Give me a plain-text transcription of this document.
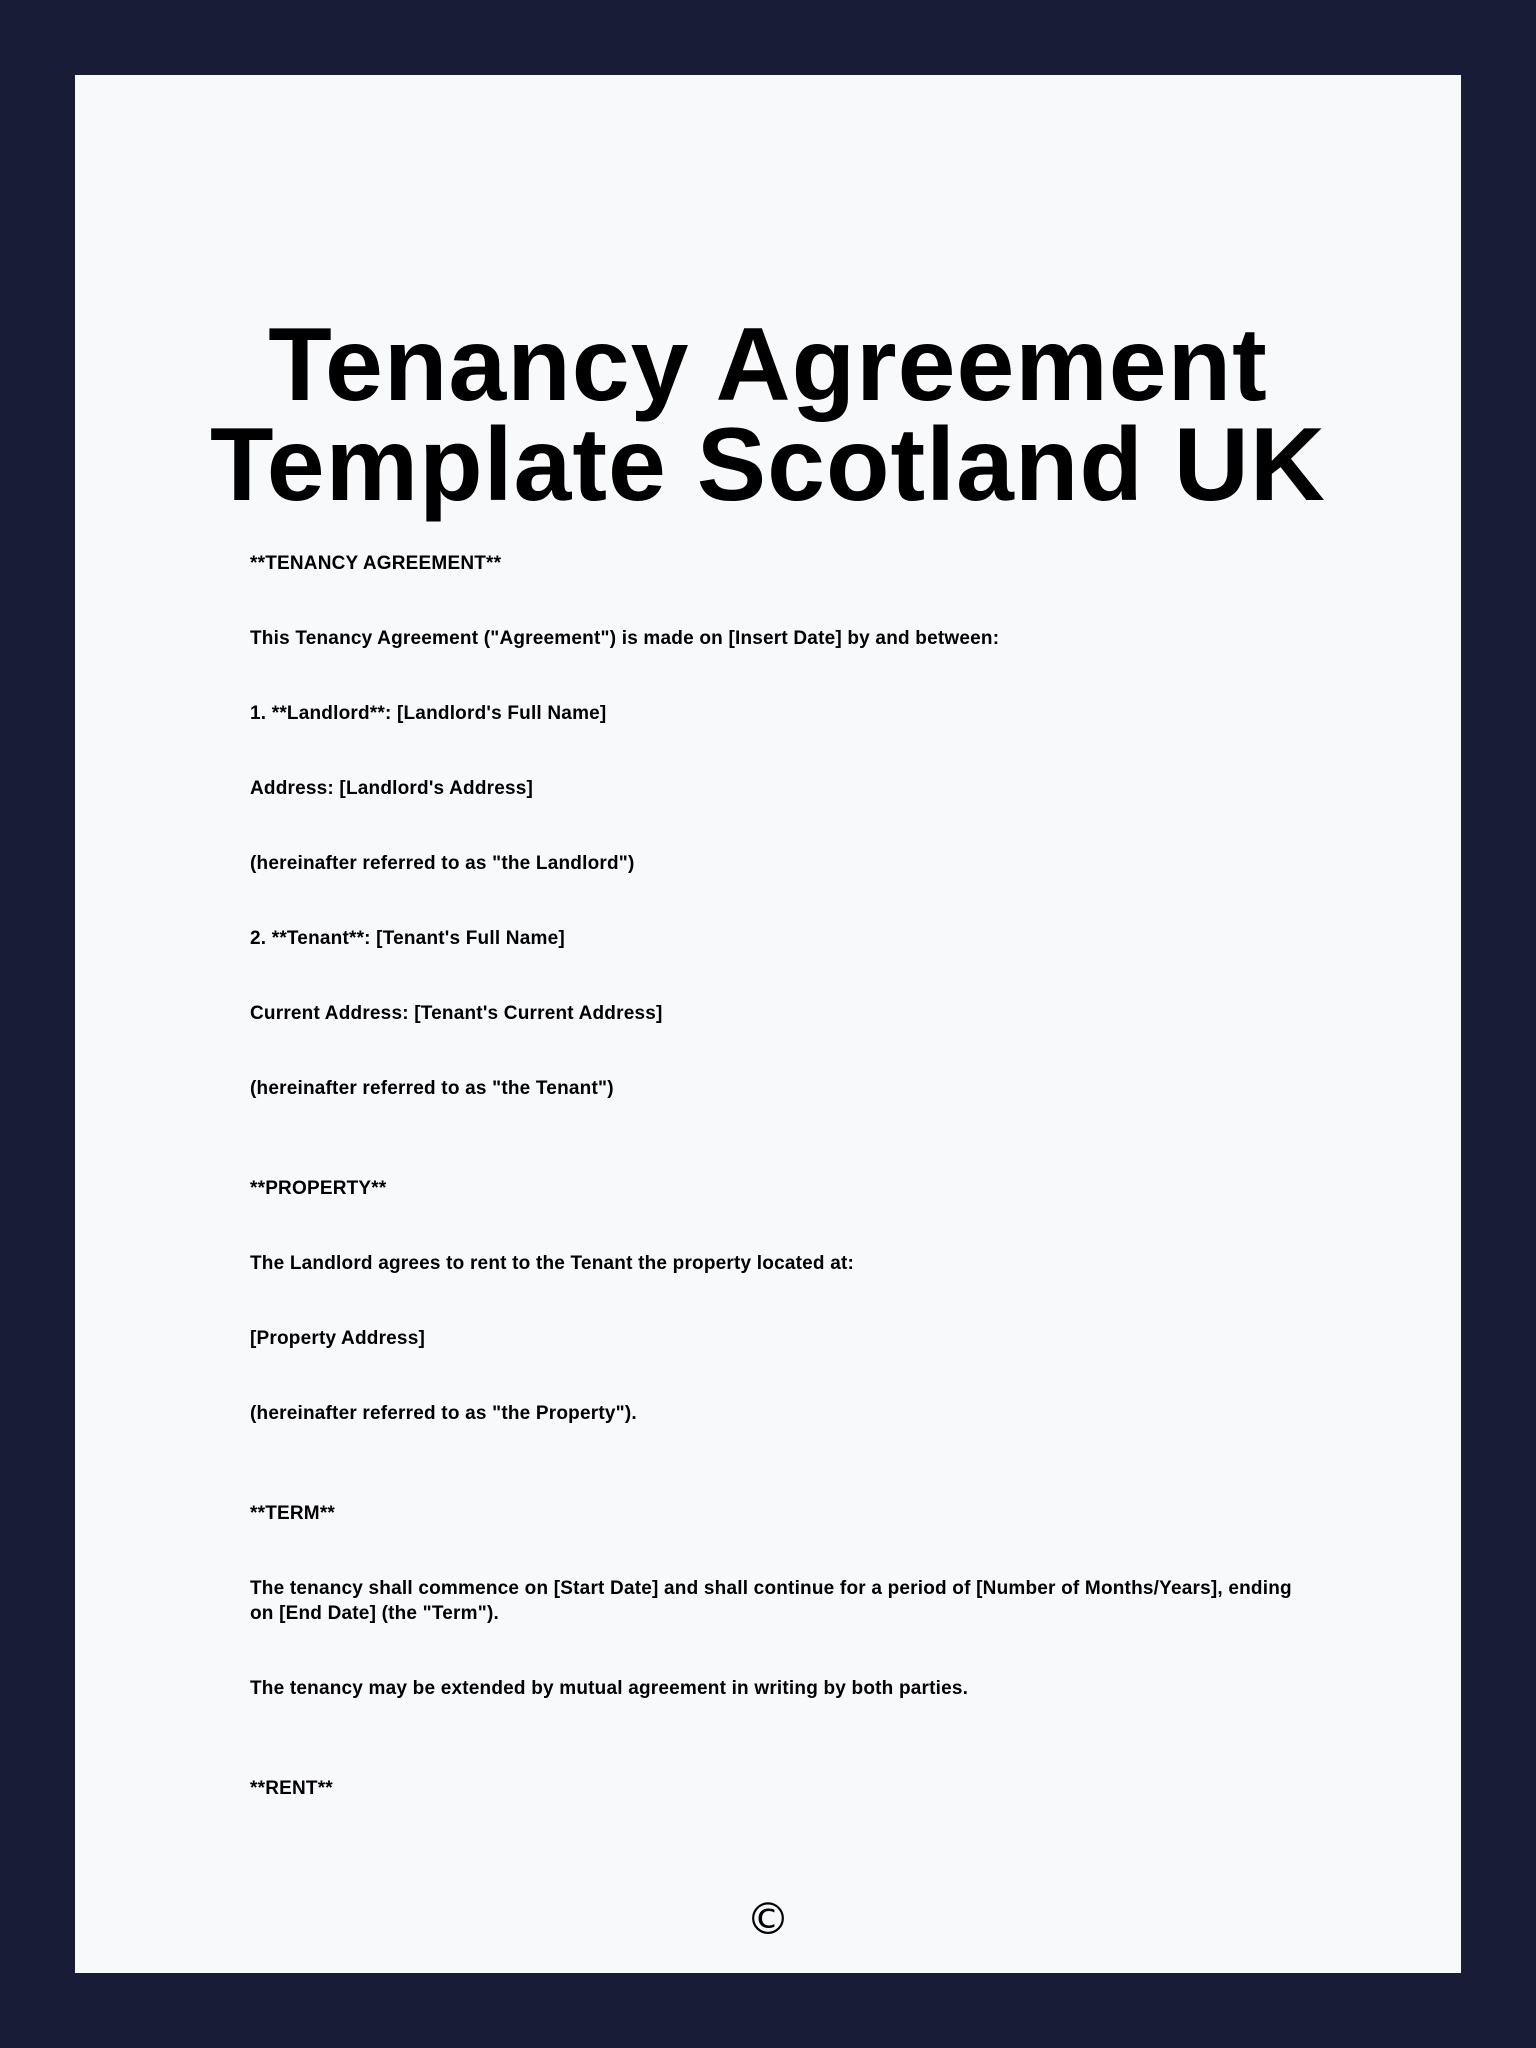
Tenancy Agreement
Template Scotland UK

**TENANCY AGREEMENT**

This Tenancy Agreement ("Agreement") is made on [Insert Date] by and between:

1. **Landlord**: [Landlord's Full Name]

Address: [Landlord's Address]

(hereinafter referred to as "the Landlord")

2. **Tenant**: [Tenant's Full Name]

Current Address: [Tenant's Current Address]

(hereinafter referred to as "the Tenant")

**PROPERTY**

The Landlord agrees to rent to the Tenant the property located at:

[Property Address]

(hereinafter referred to as "the Property").

**TERM**

The tenancy shall commence on [Start Date] and shall continue for a period of [Number of Months/Years], ending on [End Date] (the "Term").

The tenancy may be extended by mutual agreement in writing by both parties.

**RENT**

©
